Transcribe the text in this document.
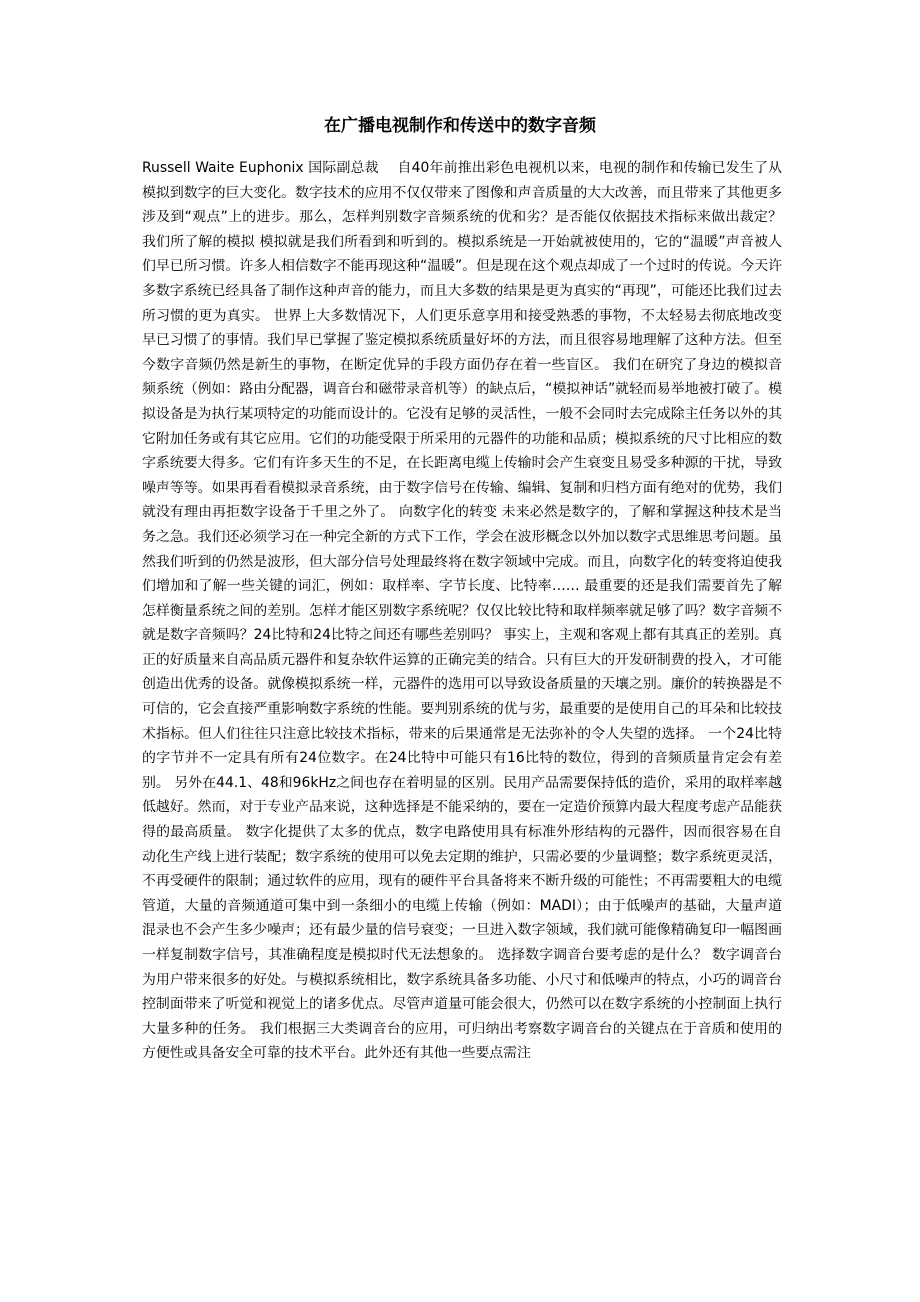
在广播电视制作和传送中的数字音频

Russell Waite Euphonix 国际副总裁　 自40年前推出彩色电视机以来，电视的制作和传输已发生了从模拟到数字的巨大变化。数字技术的应用不仅仅带来了图像和声音质量的大大改善，而且带来了其他更多涉及到“观点”上的进步。那么，怎样判别数字音频系统的优和劣？是否能仅依据技术指标来做出裁定？　 我们所了解的模拟 模拟就是我们所看到和听到的。模拟系统是一开始就被使用的，它的“温暖”声音被人们早已所习惯。许多人相信数字不能再现这种“温暖”。但是现在这个观点却成了一个过时的传说。今天许多数字系统已经具备了制作这种声音的能力，而且大多数的结果是更为真实的“再现”，可能还比我们过去所习惯的更为真实。 世界上大多数情况下，人们更乐意享用和接受熟悉的事物，不太轻易去彻底地改变早已习惯了的事情。我们早已掌握了鉴定模拟系统质量好坏的方法，而且很容易地理解了这种方法。但至今数字音频仍然是新生的事物，在断定优异的手段方面仍存在着一些盲区。 我们在研究了身边的模拟音频系统（例如：路由分配器，调音台和磁带录音机等）的缺点后，“模拟神话”就轻而易举地被打破了。模拟设备是为执行某项特定的功能而设计的。它没有足够的灵活性，一般不会同时去完成除主任务以外的其它附加任务或有其它应用。它们的功能受限于所采用的元器件的功能和品质；模拟系统的尺寸比相应的数字系统要大得多。它们有许多天生的不足，在长距离电缆上传输时会产生衰变且易受多种源的干扰，导致噪声等等。如果再看看模拟录音系统，由于数字信号在传输、编辑、复制和归档方面有绝对的优势，我们就没有理由再拒数字设备于千里之外了。 向数字化的转变 未来必然是数字的，了解和掌握这种技术是当务之急。我们还必须学习在一种完全新的方式下工作，学会在波形概念以外加以数字式思维思考问题。虽然我们听到的仍然是波形，但大部分信号处理最终将在数字领域中完成。而且，向数字化的转变将迫使我们增加和了解一些关键的词汇，例如：取样率、字节长度、比特率…… 最重要的还是我们需要首先了解怎样衡量系统之间的差别。怎样才能区别数字系统呢？仅仅比较比特和取样频率就足够了吗？数字音频不就是数字音频吗？24比特和24比特之间还有哪些差别吗？ 事实上，主观和客观上都有其真正的差别。真正的好质量来自高品质元器件和复杂软件运算的正确完美的结合。只有巨大的开发研制费的投入，才可能创造出优秀的设备。就像模拟系统一样，元器件的选用可以导致设备质量的天壤之别。廉价的转换器是不可信的，它会直接严重影响数字系统的性能。要判别系统的优与劣，最重要的是使用自己的耳朵和比较技术指标。但人们往往只注意比较技术指标，带来的后果通常是无法弥补的令人失望的选择。 一个24比特的字节并不一定具有所有24位数字。在24比特中可能只有16比特的数位，得到的音频质量肯定会有差别。 另外在44.1、48和96kHz之间也存在着明显的区别。民用产品需要保持低的造价，采用的取样率越低越好。然而，对于专业产品来说，这种选择是不能采纳的，要在一定造价预算内最大程度考虑产品能获得的最高质量。 数字化提供了太多的优点，数字电路使用具有标准外形结构的元器件，因而很容易在自动化生产线上进行装配；数字系统的使用可以免去定期的维护，只需必要的少量调整；数字系统更灵活，不再受硬件的限制；通过软件的应用，现有的硬件平台具备将来不断升级的可能性；不再需要粗大的电缆管道，大量的音频通道可集中到一条细小的电缆上传输（例如：MADI）；由于低噪声的基础，大量声道混录也不会产生多少噪声；还有最少量的信号衰变；一旦进入数字领域，我们就可能像精确复印一幅图画一样复制数字信号，其准确程度是模拟时代无法想象的。 选择数字调音台要考虑的是什么？ 数字调音台为用户带来很多的好处。与模拟系统相比，数字系统具备多功能、小尺寸和低噪声的特点，小巧的调音台控制面带来了听觉和视觉上的诸多优点。尽管声道量可能会很大，仍然可以在数字系统的小控制面上执行大量多种的任务。 我们根据三大类调音台的应用，可归纳出考察数字调音台的关键点在于音质和使用的方便性或具备安全可靠的技术平台。此外还有其他一些要点需注
